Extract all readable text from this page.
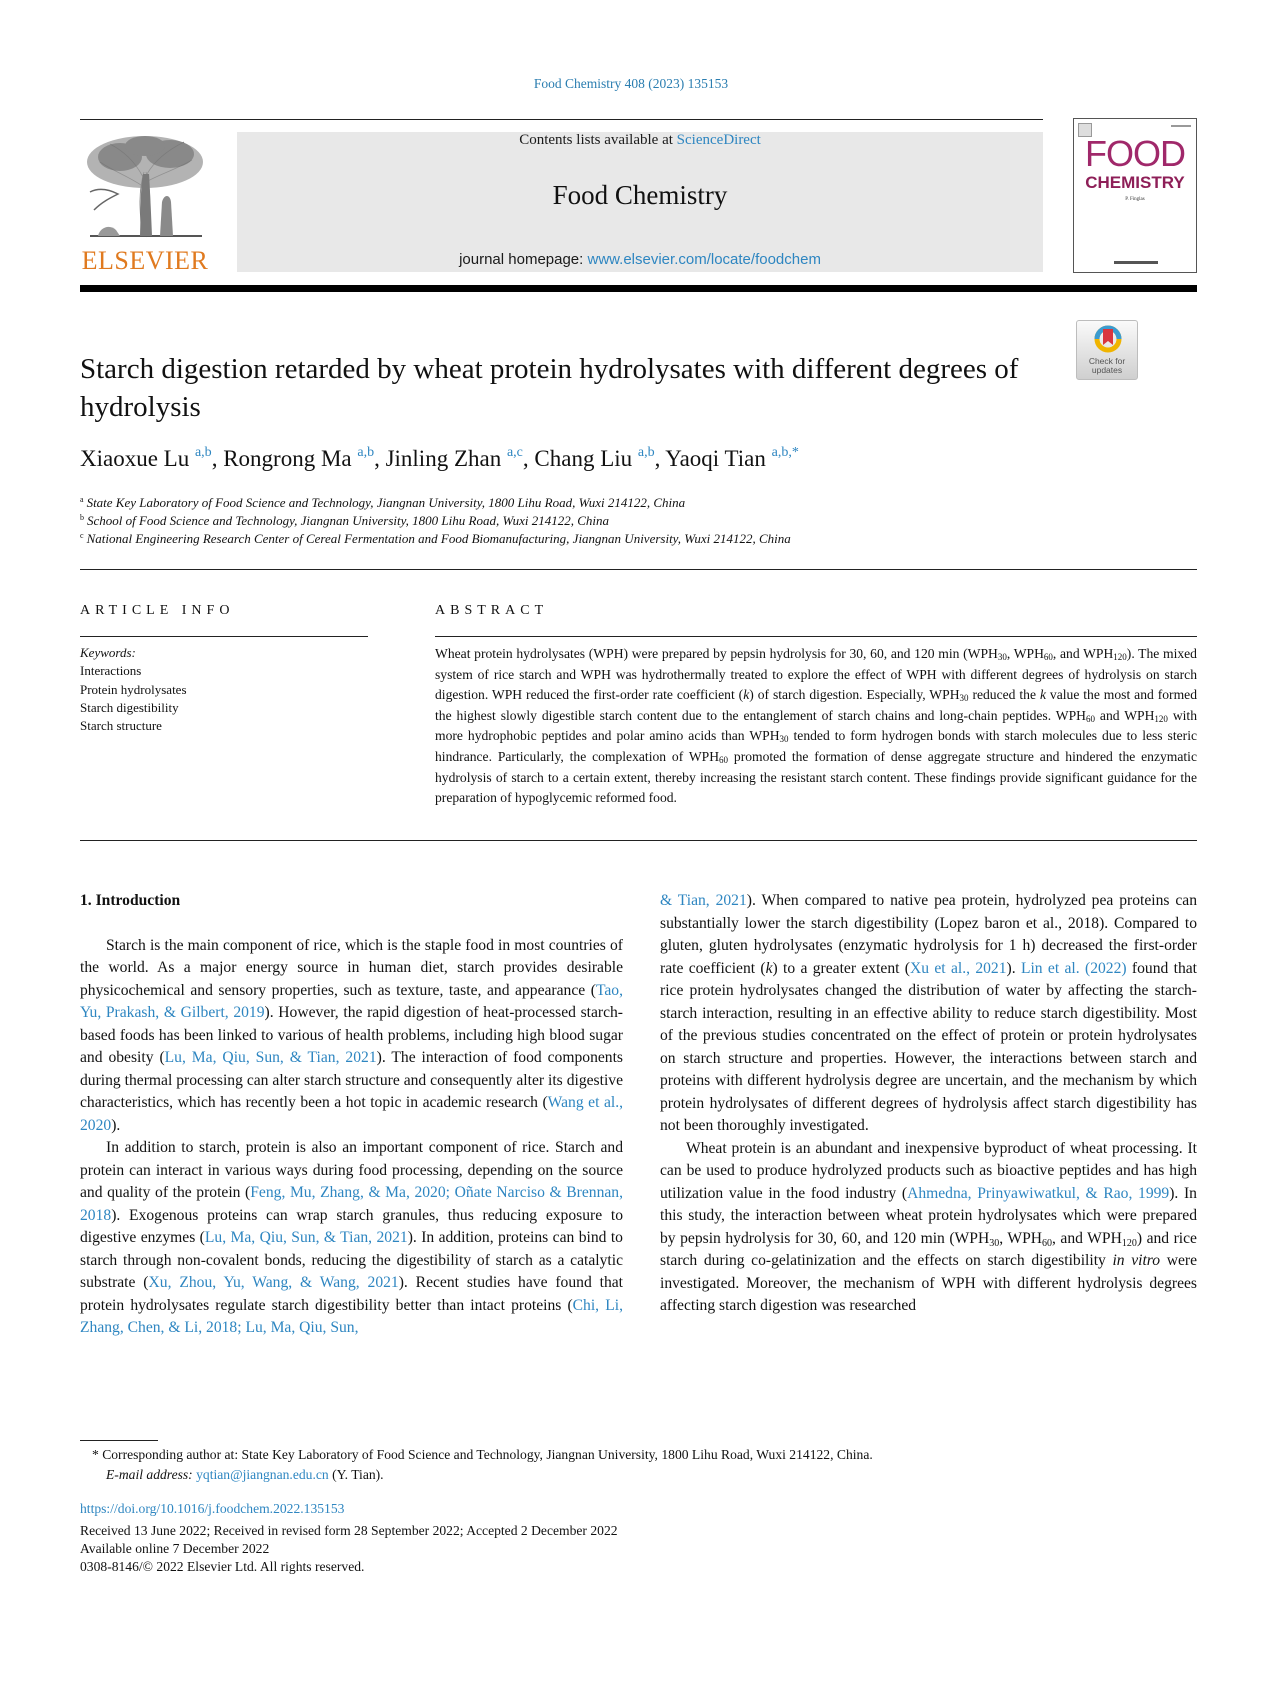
Food Chemistry 408 (2023) 135153
ELSEVIER
Contents lists available at ScienceDirect
Food Chemistry
journal homepage: www.elsevier.com/locate/foodchem
FOOD
CHEMISTRY
P. Finglas
Check for
updates
Starch digestion retarded by wheat protein hydrolysates with different degrees of hydrolysis
Xiaoxue Lu $^{a,b}$, Rongrong Ma $^{a,b}$, Jinling Zhan $^{a,c}$, Chang Liu $^{a,b}$, Yaoqi Tian $^{a,b,*}$
$^a$ State Key Laboratory of Food Science and Technology, Jiangnan University, 1800 Lihu Road, Wuxi 214122, China
$^b$ School of Food Science and Technology, Jiangnan University, 1800 Lihu Road, Wuxi 214122, China
$^c$ National Engineering Research Center of Cereal Fermentation and Food Biomanufacturing, Jiangnan University, Wuxi 214122, China
ARTICLE INFO	ABSTRACT
Keywords:
Interactions
Protein hydrolysates
Starch digestibility
Starch structure
Wheat protein hydrolysates (WPH) were prepared by pepsin hydrolysis for 30, 60, and 120 $\min (WPH_{30}$, $WPH_{60}$, and $WPH_{120}$). The mixed system of rice starch and WPH was hydrothermally treated to explore the effect of WPH with different degrees of hydrolysis on starch digestion. WPH reduced the first-order rate coefficient (k) of starch digestion. Especially, $WPH_{30}$ reduced the k value the most and formed the highest slowly digestible starch content due to the entanglement of starch chains and long-chain peptides. $WPH_{60}$ and $WPH_{120}$ with more hydrophobic peptides and polar amino acids than $WPH_{30}$ tended to form hydrogen bonds with starch molecules due to less steric hindrance. Particularly, the complexation of $WPH_{60}$ promoted the formation of dense aggregate structure and hindered the enzymatic hydrolysis of starch to a certain extent, thereby increasing the resistant starch content. These findings provide significant guidance for the preparation of hypoglycemic reformed food.
1. Introduction

Starch is the main component of rice, which is the staple food in most countries of the world. As a major energy source in human diet, starch provides desirable physicochemical and sensory properties, such as texture, taste, and appearance (Tao, Yu, Prakash, & Gilbert, 2019). However, the rapid digestion of heat-processed starch-based foods has been linked to various of health problems, including high blood sugar and obesity (Lu, Ma, Qiu, Sun, & Tian, 2021). The interaction of food components during thermal processing can alter starch structure and consequently alter its digestive characteristics, which has recently been a hot topic in academic research (Wang et al., 2020).

In addition to starch, protein is also an important component of rice. Starch and protein can interact in various ways during food processing, depending on the source and quality of the protein (Feng, Mu, Zhang, & Ma, 2020; Oñate Narciso & Brennan, 2018). Exogenous proteins can wrap starch granules, thus reducing exposure to digestive enzymes (Lu, Ma, Qiu, Sun, & Tian, 2021). In addition, proteins can bind to starch through non-covalent bonds, reducing the digestibility of starch as a catalytic substrate (Xu, Zhou, Yu, Wang, & Wang, 2021). Recent studies have found that protein hydrolysates regulate starch digestibility better than intact proteins (Chi, Li, Zhang, Chen, & Li, 2018; Lu, Ma, Qiu, Sun,

& Tian, 2021). When compared to native pea protein, hydrolyzed pea proteins can substantially lower the starch digestibility (Lopez baron et al., 2018). Compared to gluten, gluten hydrolysates (enzymatic hydrolysis for 1 h) decreased the first-order rate coefficient (k) to a greater extent (Xu et al., 2021). Lin et al. (2022) found that rice protein hydrolysates changed the distribution of water by affecting the starch-starch interaction, resulting in an effective ability to reduce starch digestibility. Most of the previous studies concentrated on the effect of protein or protein hydrolysates on starch structure and properties. However, the interactions between starch and proteins with different hydrolysis degree are uncertain, and the mechanism by which protein hydrolysates of different degrees of hydrolysis affect starch digestibility has not been thoroughly investigated.

Wheat protein is an abundant and inexpensive byproduct of wheat processing. It can be used to produce hydrolyzed products such as bioactive peptides and has high utilization value in the food industry (Ahmedna, Prinyawiwatkul, & Rao, 1999). In this study, the interaction between wheat protein hydrolysates which were prepared by pepsin hydrolysis for 30, 60, and 120 $\min (WPH_{30}$, $WPH_{60}$, and $WPH_{120}$) and rice starch during co-gelatinization and the effects on starch digestibility in vitro were investigated. Moreover, the mechanism of WPH with different hydrolysis degrees affecting starch digestion was researched

* Corresponding author at: State Key Laboratory of Food Science and Technology, Jiangnan University, 1800 Lihu Road, Wuxi 214122, China.
E-mail address: yqtian@jiangnan.edu.cn (Y. Tian).
https://doi.org/10.1016/j.foodchem.2022.135153
Received 13 June 2022; Received in revised form 28 September 2022; Accepted 2 December 2022
Available online 7 December 2022
0308-8146/© 2022 Elsevier Ltd. All rights reserved.
